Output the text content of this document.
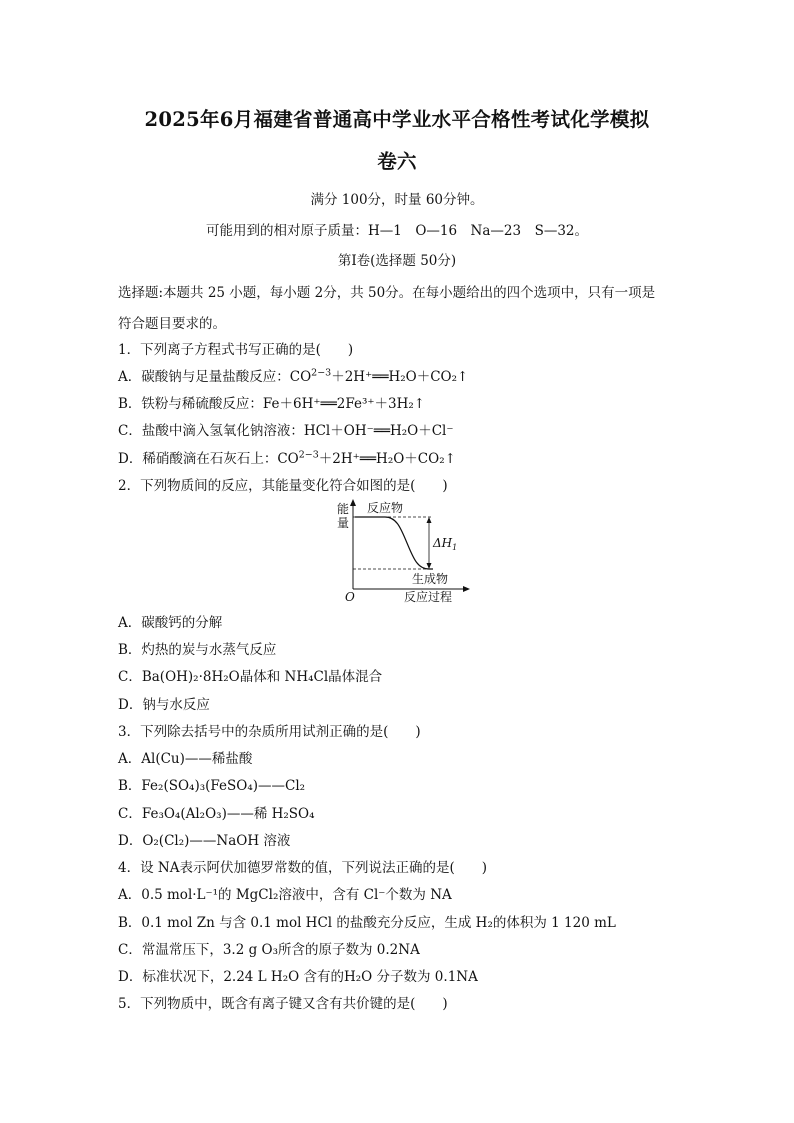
2025年6月福建省普通高中学业水平合格性考试化学模拟
卷六
满分 100分，时量 60分钟。
可能用到的相对原子质量：H—1　O—16　Na—23　S—32。
第Ⅰ卷(选择题 50分)
选择题:本题共 25 小题，每小题 2分，共 50分。在每小题给出的四个选项中，只有一项是
符合题目要求的。
1．下列离子方程式书写正确的是(　　)
A．碳酸钠与足量盐酸反应：$CO^{2-3}+2H^+══H_2O+CO_2↑$
B．铁粉与稀硫酸反应：Fe＋6H⁺══2Fe³⁺＋3H₂↑
C．盐酸中滴入氢氧化钠溶液：HCl＋OH⁻══H₂O＋Cl⁻
D．稀硝酸滴在石灰石上：$CO^{2-3}+2H^+══H_2O+CO_2↑$
2．下列物质间的反应，其能量变化符合如图的是(　　)
能
量
反应物
生成物
$\Delta H_1$
O	反应过程
A．碳酸钙的分解
B．灼热的炭与水蒸气反应
C．Ba(OH)₂·8H₂O晶体和 NH₄Cl晶体混合
D．钠与水反应
3．下列除去括号中的杂质所用试剂正确的是(　　)
A．Al(Cu)——稀盐酸
B．Fe₂(SO₄)₃(FeSO₄)——Cl₂
C．Fe₃O₄(Al₂O₃)——稀 H₂SO₄
D．O₂(Cl₂)——NaOH 溶液
4．设 NA表示阿伏加德罗常数的值，下列说法正确的是(　　)
A．0.5 mol·L⁻¹的 MgCl₂溶液中，含有 Cl⁻个数为 NA
B．0.1 mol Zn 与含 0.1 mol HCl 的盐酸充分反应，生成 H₂的体积为 1 120 mL
C．常温常压下，3.2 g O₃所含的原子数为 0.2NA
D．标准状况下，2.24 L H₂O 含有的H₂O 分子数为 0.1NA
5．下列物质中，既含有离子键又含有共价键的是(　　)
